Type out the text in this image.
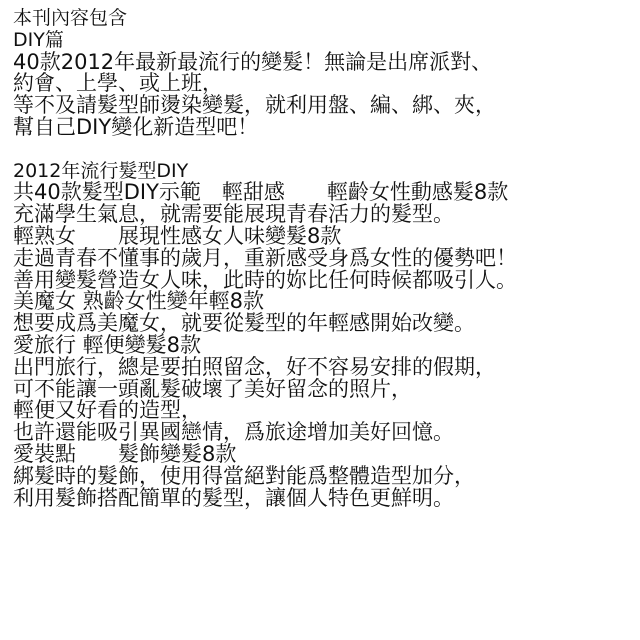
本刊內容包含
DIY篇
40款2012年最新最流行的變髮！無論是出席派對、
約會、上學、或上班，
等不及請髮型師燙染變髮，就利用盤、編、綁、夾，
幫自己DIY變化新造型吧！
2012年流行髮型DIY
共40款髮型DIY示範　輕甜感　　輕齡女性動感髮8款
充滿學生氣息，就需要能展現青春活力的髮型。
輕熟女　　展現性感女人味變髮8款
走過青春不懂事的歲月，重新感受身爲女性的優勢吧！
善用變髮營造女人味，此時的妳比任何時候都吸引人。
美魔女 熟齡女性變年輕8款
想要成爲美魔女，就要從髮型的年輕感開始改變。
愛旅行 輕便變髮8款
出門旅行，總是要拍照留念，好不容易安排的假期，
可不能讓一頭亂髮破壞了美好留念的照片，
輕便又好看的造型，
也許還能吸引異國戀情，爲旅途增加美好回憶。
愛裝點　　髮飾變髮8款
綁髮時的髮飾，使用得當絕對能爲整體造型加分，
利用髮飾搭配簡單的髮型，讓個人特色更鮮明。
